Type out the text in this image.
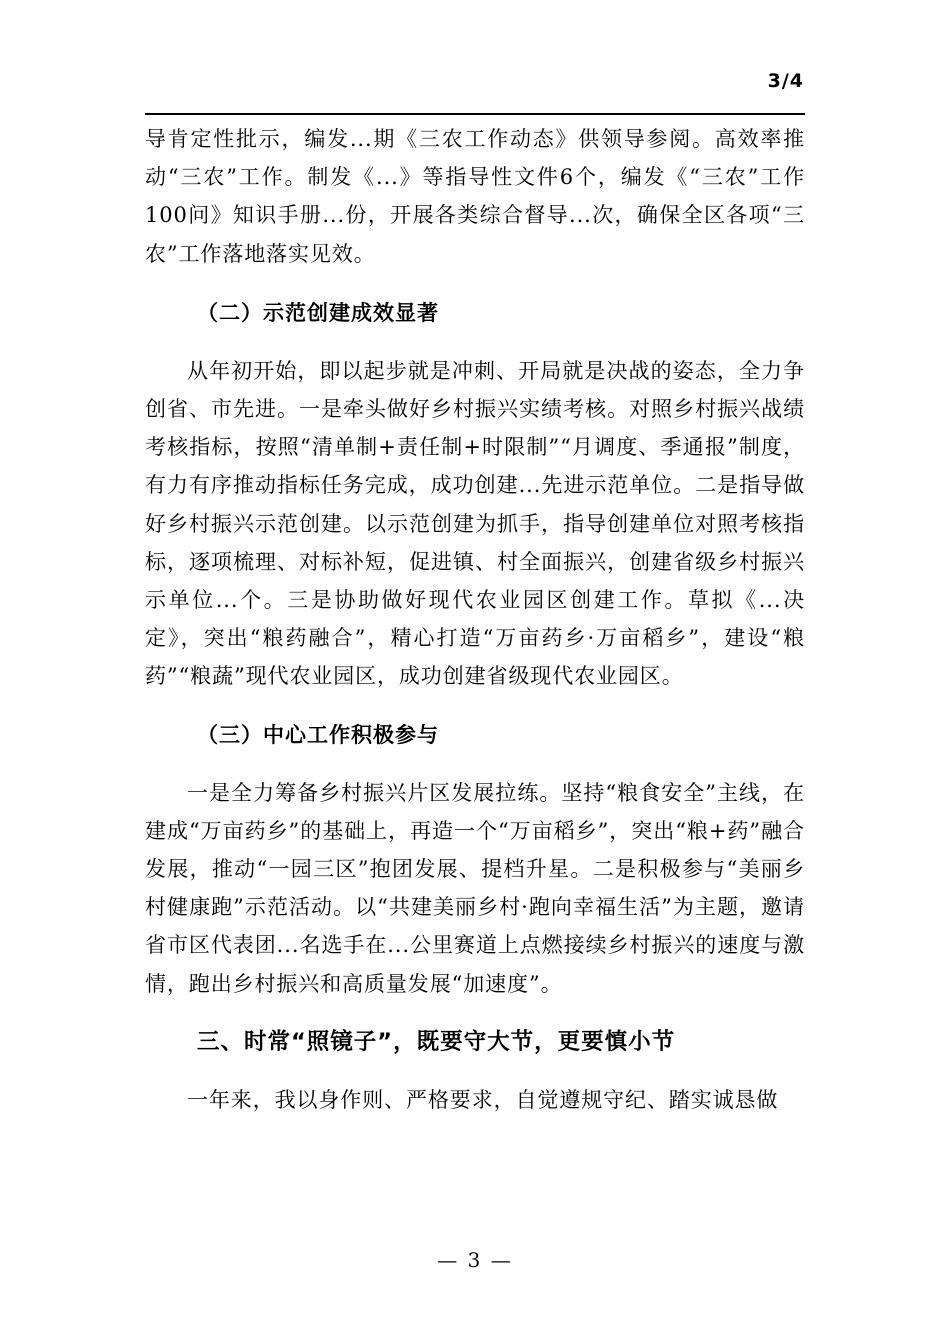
3/4

导肯定性批示，编发...期《三农工作动态》供领导参阅。高效率推动“三农”工作。制发《...》等指导性文件6个，编发《“三农”工作100问》知识手册...份，开展各类综合督导...次，确保全区各项“三农”工作落地落实见效。

（二）示范创建成效显著

从年初开始，即以起步就是冲刺、开局就是决战的姿态，全力争创省、市先进。一是牵头做好乡村振兴实绩考核。对照乡村振兴战绩考核指标，按照“清单制+责任制+时限制”“月调度、季通报”制度，有力有序推动指标任务完成，成功创建...先进示范单位。二是指导做好乡村振兴示范创建。以示范创建为抓手，指导创建单位对照考核指标，逐项梳理、对标补短，促进镇、村全面振兴，创建省级乡村振兴示单位...个。三是协助做好现代农业园区创建工作。草拟《...决定》，突出“粮药融合”，精心打造“万亩药乡·万亩稻乡”，建设“粮药”“粮蔬”现代农业园区，成功创建省级现代农业园区。

（三）中心工作积极参与

一是全力筹备乡村振兴片区发展拉练。坚持“粮食安全”主线，在建成“万亩药乡”的基础上，再造一个“万亩稻乡”，突出“粮+药”融合发展，推动“一园三区”抱团发展、提档升星。二是积极参与“美丽乡村健康跑”示范活动。以“共建美丽乡村·跑向幸福生活”为主题，邀请省市区代表团...名选手在...公里赛道上点燃接续乡村振兴的速度与激情，跑出乡村振兴和高质量发展“加速度”。

三、时常“照镜子”，既要守大节，更要慎小节

一年来，我以身作则、严格要求，自觉遵规守纪、踏实诚恳做

— 3 —
